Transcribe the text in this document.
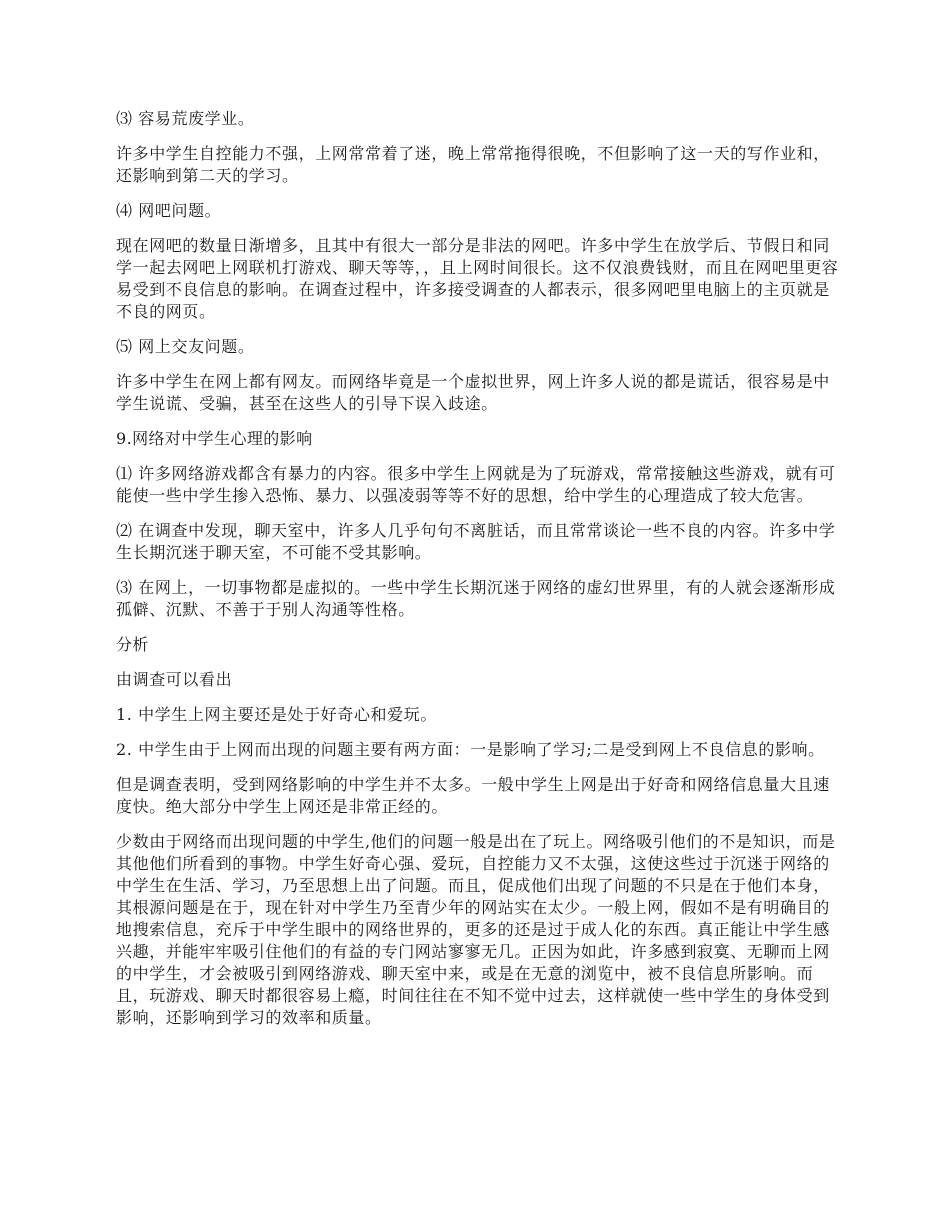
⑶ 容易荒废学业。

许多中学生自控能力不强，上网常常着了迷，晚上常常拖得很晚，不但影响了这一天的写作业和，还影响到第二天的学习。

⑷ 网吧问题。

现在网吧的数量日渐增多，且其中有很大一部分是非法的网吧。许多中学生在放学后、节假日和同学一起去网吧上网联机打游戏、聊天等等，，且上网时间很长。这不仅浪费钱财，而且在网吧里更容易受到不良信息的影响。在调查过程中，许多接受调查的人都表示，很多网吧里电脑上的主页就是不良的网页。

⑸ 网上交友问题。

许多中学生在网上都有网友。而网络毕竟是一个虚拟世界，网上许多人说的都是谎话，很容易是中学生说谎、受骗，甚至在这些人的引导下误入歧途。

9.网络对中学生心理的影响

⑴ 许多网络游戏都含有暴力的内容。很多中学生上网就是为了玩游戏，常常接触这些游戏，就有可能使一些中学生掺入恐怖、暴力、以强凌弱等等不好的思想，给中学生的心理造成了较大危害。

⑵ 在调查中发现，聊天室中，许多人几乎句句不离脏话，而且常常谈论一些不良的内容。许多中学生长期沉迷于聊天室，不可能不受其影响。

⑶ 在网上，一切事物都是虚拟的。一些中学生长期沉迷于网络的虚幻世界里，有的人就会逐渐形成孤僻、沉默、不善于于别人沟通等性格。

分析

由调查可以看出

1. 中学生上网主要还是处于好奇心和爱玩。

2. 中学生由于上网而出现的问题主要有两方面：一是影响了学习;二是受到网上不良信息的影响。

但是调查表明，受到网络影响的中学生并不太多。一般中学生上网是出于好奇和网络信息量大且速度快。绝大部分中学生上网还是非常正经的。

少数由于网络而出现问题的中学生,他们的问题一般是出在了玩上。网络吸引他们的不是知识，而是其他他们所看到的事物。中学生好奇心强、爱玩，自控能力又不太强，这使这些过于沉迷于网络的中学生在生活、学习，乃至思想上出了问题。而且，促成他们出现了问题的不只是在于他们本身，其根源问题是在于，现在针对中学生乃至青少年的网站实在太少。一般上网，假如不是有明确目的地搜索信息，充斥于中学生眼中的网络世界的，更多的还是过于成人化的东西。真正能让中学生感兴趣，并能牢牢吸引住他们的有益的专门网站寥寥无几。正因为如此，许多感到寂寞、无聊而上网的中学生，才会被吸引到网络游戏、聊天室中来，或是在无意的浏览中，被不良信息所影响。而且，玩游戏、聊天时都很容易上瘾，时间往往在不知不觉中过去，这样就使一些中学生的身体受到影响，还影响到学习的效率和质量。
